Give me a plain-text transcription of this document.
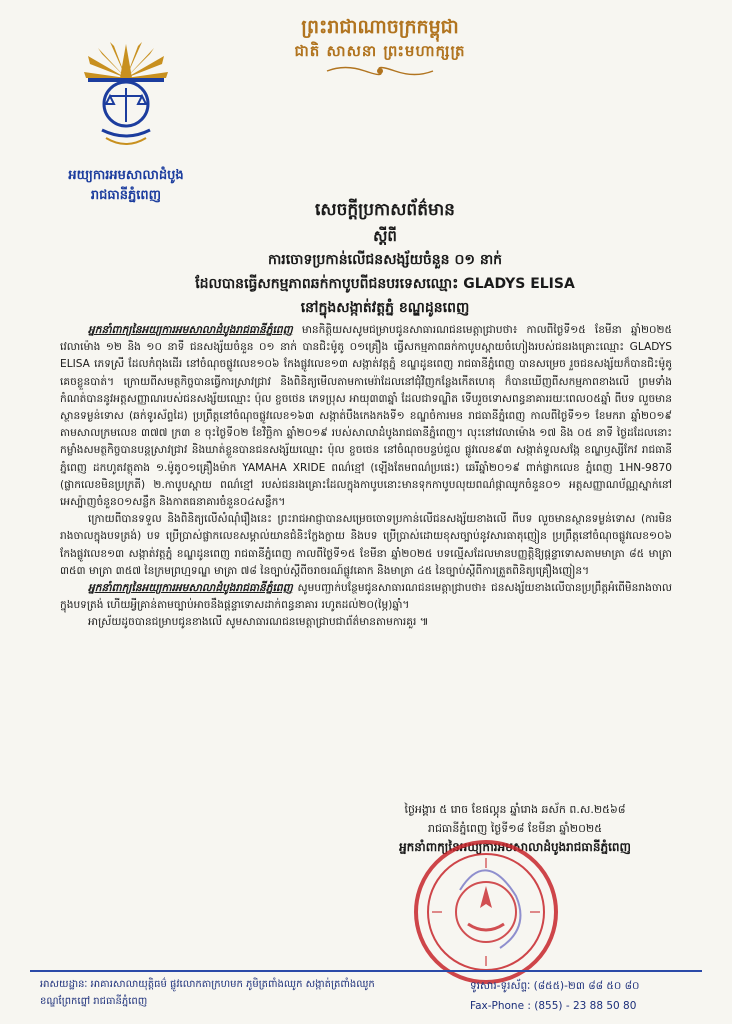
ព្រះរាជាណាចក្រកម្ពុជា
ជាតិ សាសនា ព្រះមហាក្សត្រ
អយ្យការអមសាលាដំបូង
រាជធានីភ្នំពេញ
សេចក្ដីប្រកាសព័ត៌មាន
ស្ដីពី
ការចោទប្រកាន់លើជនសង្ស័យចំនួន ០១ នាក់
ដែលបានធ្វើសកម្មភាពឆក់កាបូបពីជនបរទេសឈ្មោះ GLADYS ELISA
នៅក្នុងសង្កាត់វត្តភ្នំ ខណ្ឌដូនពេញ

អ្នកនាំពាក្យនៃអយ្យការអមសាលាដំបូងរាជធានីភ្នំពេញ មានកិត្តិយសសូមជម្រាបជូនសាធារណជនមេត្តាជ្រាបថា៖ កាលពីថ្ងៃទី១៥ ខែមីនា ឆ្នាំ២០២៥ វេលាម៉ោង ១២ និង ១០ នាទី ជនសង្ស័យចំនួន ០១ នាក់ បានជិះម៉ូតូ ០១គ្រឿង ធ្វើសកម្មភាពឆក់កាបូបស្ពាយចំហៀងរបស់ជនរងគ្រោះឈ្មោះ GLADYS ELISA ភេទស្រី ដែលកំពុងដើរ នៅចំណុចផ្លូវលេខ១០៦ កែងផ្លូវលេខ១៣ សង្កាត់វត្តភ្នំ ខណ្ឌដូនពេញ រាជធានីភ្នំពេញ បានសម្រេច រួចជនសង្ស័យក៏បានជិះម៉ូតូគេចខ្លួនបាត់។ ក្រោយពីសមត្ថកិច្ចបានធ្វើការស្រាវជ្រាវ និងពិនិត្យមើលតាមកាមេរ៉ាដែលនៅជុំវិញកន្លែងកើតហេតុ ក៏បានឃើញពីសកម្មភាពខាងលើ ព្រមទាំងកំណត់បាននូវអត្តសញ្ញាណរបស់ជនសង្ស័យឈ្មោះ ប៉ុល ខ្ចចថេន ភេទប្រុស អាយុ៣៣ឆ្នាំ ដែលជាទណ្ឌិត ទើបរួចទោសពន្ធនាគាររយៈពេល០៥ឆ្នាំ ពីបទ លួចមានស្ថានទម្ងន់ទោស (ឆក់ទូរស័ព្ទដៃ) ប្រព្រឹត្តនៅចំណុចផ្លូវលេខ១៦៣ សង្កាត់បឹងកេងកងទី១ ខណ្ឌចំការមន រាជធានីភ្នំពេញ កាលពីថ្ងៃទី១១ ខែមករា ឆ្នាំ២០១៩ តាមសាលក្រមលេខ ៣៧៧ ក្រ៣ ខ ចុះថ្ងៃទី០២ ខែវិច្ឆិកា ឆ្នាំ២០១៩ របស់សាលាដំបូងរាជធានីភ្នំពេញ។ លុះនៅវេលាម៉ោង ១៧ និង ០៥ នាទី ថ្ងៃដដែលនោះ កម្លាំងសមត្ថកិច្ចបានបន្តស្រាវជ្រាវ និងឃាត់ខ្លួនបានជនសង្ស័យឈ្មោះ ប៉ុល ខ្ចចថេន នៅចំណុចបន្ទប់ជួល ផ្លូវលេខ៩៣ សង្កាត់ទួលសង្កែ ខណ្ឌឫស្សីកែវ រាជធានីភ្នំពេញ ដកហូតវត្ថុតាង ១.ម៉ូតូ០១គ្រឿងម៉ាក YAMAHA XRIDE ពណ៌ខ្មៅ (ឡើងតែមពណ៌ប្រផេះ) ឆេរីឆ្នាំ២០១៩ ពាក់ផ្លាកលេខ ភ្នំពេញ 1HN-9870 (ផ្លាកលេខមិនប្រក្រតី) ២.កាបូបស្ពាយ ពណ៌ខ្មៅ របស់ជនរងគ្រោះដែលក្នុងកាបូបនោះមានទុកកាបូបលុយពណ៌ផ្កាឈូកចំនួន០១ អត្តសញ្ញាណប័ណ្ណស្នាក់នៅអេស្ប៉ាញចំនួន០១សន្លឹក និងកាតធនាគារចំនួន០៤សន្លឹក។

ក្រោយពីបានទទួល និងពិនិត្យលើសំណុំរឿងនេះ ព្រះរាជអាជ្ញាបានសម្រេចចោទប្រកាន់លើជនសង្ស័យខាងលើ ពីបទ លួចមានស្ថានទម្ងន់ទោស (ការមិនរាងចាលក្នុងបទត្រង់) បទ ប្រើប្រាស់ផ្លាកលេខសម្គាល់យានជំនិះក្លែងក្លាយ និងបទ ប្រើប្រាស់ដោយខុសច្បាប់នូវសារធាតុញៀន ប្រព្រឹត្តនៅចំណុចផ្លូវលេខ១០៦ កែងផ្លូវលេខ១៣ សង្កាត់វត្តភ្នំ ខណ្ឌដូនពេញ រាជធានីភ្នំពេញ កាលពីថ្ងៃទី១៥ ខែមីនា ឆ្នាំ២០២៥ បទល្មើសដែលមានបញ្ញត្តិឱ្យផ្ដន្ទាទោសតាមមាត្រា ៨៥ មាត្រា ៣៥៣ មាត្រា ៣៥៧ នៃក្រមព្រហ្មទណ្ឌ មាត្រា ៧៨ នៃច្បាប់ស្ដីពីចរាចរណ៍ផ្លូវគោក និងមាត្រា ៤៥ នៃច្បាប់ស្ដីពីការត្រួតពិនិត្យគ្រឿងញៀន។

អ្នកនាំពាក្យនៃអយ្យការអមសាលាដំបូងរាជធានីភ្នំពេញ សូមបញ្ជាក់បន្ថែមជូនសាធារណជនមេត្តាជ្រាបថា៖ ជនសង្ស័យខាងលើបានប្រព្រឹត្តអំពើមិនរាងចាលក្នុងបទត្រង់ ហើយអ្វីគ្រាន់តាមច្បាប់អាចនឹងផ្ដន្ទាទោសដាក់ពន្ធនាគារ រហូតដល់២០(ម្ភៃ)ឆ្នាំ។

អាស្រ័យដូចបានជម្រាបជូនខាងលើ សូមសាធារណជនមេត្តាជ្រាបជាព័ត៌មានតាមការគួរ ៕

ថ្ងៃអង្គារ ៥ រោច ខែផល្គុន ឆ្នាំរោង ឆស័ក ព.ស.២៥៦៨
រាជធានីភ្នំពេញ ថ្ងៃទី១៨ ខែមីនា ឆ្នាំ២០២៥
អ្នកនាំពាក្យនៃអយ្យការអមសាលាដំបូងរាជធានីភ្នំពេញ
អាសយដ្ឋានៈ អាគារសាលាយុត្តិធម៌ ផ្លូវលោកតាក្រហមក ភូមិត្រពាំងឈូក សង្កាត់ត្រពាំងឈូក
ខណ្ឌព្រែកព្នៅ រាជធានីភ្នំពេញ
ទូរសារ-ទូរស័ព្ទៈ (៨៥៥)-២៣ ៨៨ ៥០ ៨០
Fax-Phone : (855) - 23 88 50 80
